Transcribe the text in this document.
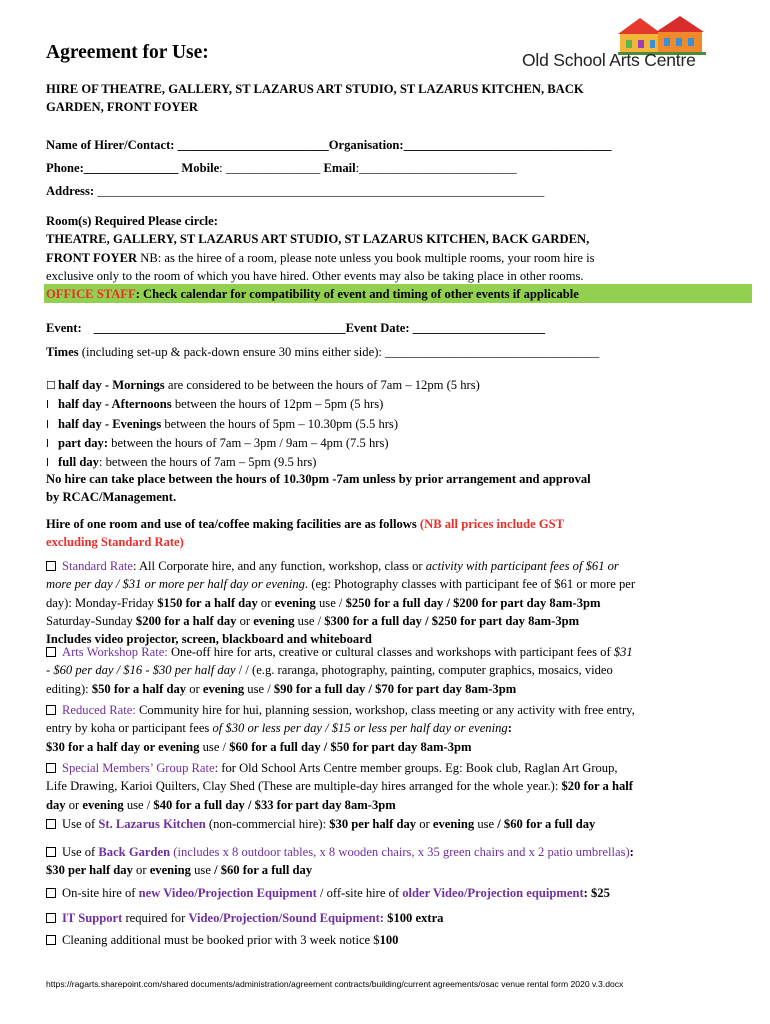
Agreement for Use:	Old School Arts Centre
HIRE OF THEATRE, GALLERY, ST LAZARUS ART STUDIO, ST LAZARUS KITCHEN, BACK
GARDEN, FRONT FOYER
Name of Hirer/Contact: ________________________Organisation:_________________________________
Phone:_______________ Mobile: _______________ Email:_________________________
Address: _______________________________________________________________________
Room(s) Required Please circle:
THEATRE, GALLERY, ST LAZARUS ART STUDIO, ST LAZARUS KITCHEN, BACK GARDEN,
FRONT FOYER NB: as the hiree of a room, please note unless you book multiple rooms, your room hire is
exclusive only to the room of which you have hired. Other events may also be taking place in other rooms.
OFFICE STAFF: Check calendar for compatibility of event and timing of other events if applicable
Event: ________________________________________Event Date: _____________________
Times (including set-up & pack-down ensure 30 mins either side): __________________________________
☐ half day - Mornings are considered to be between the hours of 7am – 12pm (5 hrs)
l half day - Afternoons between the hours of 12pm – 5pm (5 hrs)
l half day - Evenings between the hours of 5pm – 10.30pm (5.5 hrs)
l part day: between the hours of 7am – 3pm / 9am – 4pm (7.5 hrs)
l full day: between the hours of 7am – 5pm (9.5 hrs)
No hire can take place between the hours of 10.30pm -7am unless by prior arrangement and approval
by RCAC/Management.
Hire of one room and use of tea/coffee making facilities are as follows (NB all prices include GST
excluding Standard Rate)
Standard Rate: All Corporate hire, and any function, workshop, class or activity with participant fees of $61 or
more per day / $31 or more per half day or evening. (eg: Photography classes with participant fee of $61 or more per
day): Monday-Friday $150 for a half day or evening use / $250 for a full day / $200 for part day 8am-3pm
Saturday-Sunday $200 for a half day or evening use / $300 for a full day / $250 for part day 8am-3pm
Includes video projector, screen, blackboard and whiteboard
Arts Workshop Rate: One-off hire for arts, creative or cultural classes and workshops with participant fees of $31
- $60 per day / $16 - $30 per half day / / (e.g. raranga, photography, painting, computer graphics, mosaics, video
editing): $50 for a half day or evening use / $90 for a full day / $70 for part day 8am-3pm
Reduced Rate: Community hire for hui, planning session, workshop, class meeting or any activity with free entry,
entry by koha or participant fees of $30 or less per day / $15 or less per half day or evening:
$30 for a half day or evening use / $60 for a full day / $50 for part day 8am-3pm
Special Members’ Group Rate: for Old School Arts Centre member groups. Eg: Book club, Raglan Art Group,
Life Drawing, Karioi Quilters, Clay Shed (These are multiple-day hires arranged for the whole year.): $20 for a half
day or evening use / $40 for a full day / $33 for part day 8am-3pm
Use of St. Lazarus Kitchen (non-commercial hire): $30 per half day or evening use / $60 for a full day
Use of Back Garden (includes x 8 outdoor tables, x 8 wooden chairs, x 35 green chairs and x 2 patio umbrellas):
$30 per half day or evening use / $60 for a full day
On-site hire of new Video/Projection Equipment / off-site hire of older Video/Projection equipment: $25
IT Support required for Video/Projection/Sound Equipment: $100 extra
Cleaning additional must be booked prior with 3 week notice $100
https://ragarts.sharepoint.com/shared documents/administration/agreement contracts/building/current agreements/osac venue rental form 2020 v.3.docx
